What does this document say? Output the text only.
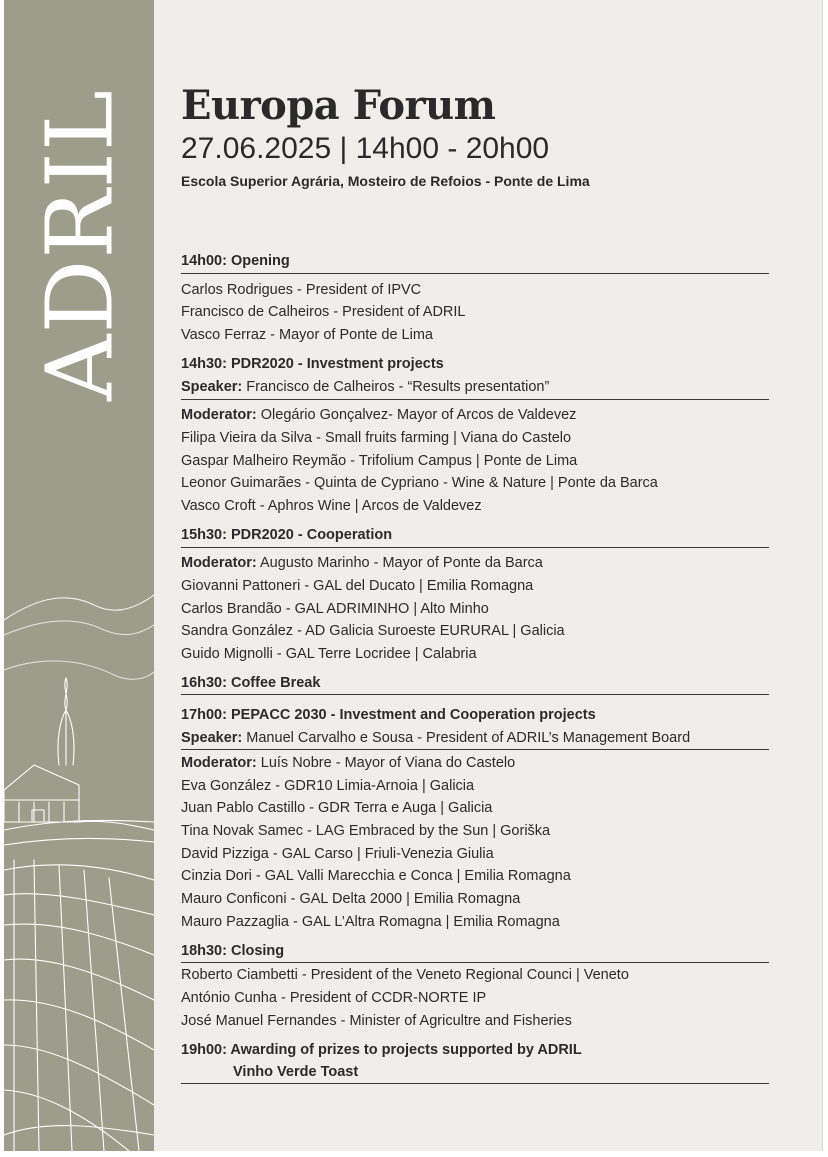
ADRIL Europa Forum
27.06.2025 | 14h00 - 20h00
Escola Superior Agrária, Mosteiro de Refoios - Ponte de Lima
14h00: Opening
Carlos Rodrigues - President of IPVC
Francisco de Calheiros - President of ADRIL
Vasco Ferraz - Mayor of Ponte de Lima
14h30: PDR2020 - Investment projects
Speaker: Francisco de Calheiros - “Results presentation”
Moderator: Olegário Gonçalvez- Mayor of Arcos de Valdevez
Filipa Vieira da Silva - Small fruits farming | Viana do Castelo
Gaspar Malheiro Reymão - Trifolium Campus | Ponte de Lima
Leonor Guimarães - Quinta de Cypriano - Wine & Nature | Ponte da Barca
Vasco Croft - Aphros Wine | Arcos de Valdevez
15h30: PDR2020 - Cooperation
Moderator: Augusto Marinho - Mayor of Ponte da Barca
Giovanni Pattoneri - GAL del Ducato | Emilia Romagna
Carlos Brandão - GAL ADRIMINHO | Alto Minho
Sandra González - AD Galicia Suroeste EURURAL | Galicia
Guido Mignolli - GAL Terre Locridee | Calabria
16h30: Coffee Break
17h00: PEPACC 2030 - Investment and Cooperation projects
Speaker: Manuel Carvalho e Sousa - President of ADRIL’s Management Board
Moderator: Luís Nobre - Mayor of Viana do Castelo
Eva González - GDR10 Limia-Arnoia | Galicia
Juan Pablo Castillo - GDR Terra e Auga | Galicia
Tina Novak Samec - LAG Embraced by the Sun | Goriška
David Pizziga - GAL Carso | Friuli-Venezia Giulia
Cinzia Dori - GAL Valli Marecchia e Conca | Emilia Romagna
Mauro Conficoni - GAL Delta 2000 | Emilia Romagna
Mauro Pazzaglia - GAL L’Altra Romagna | Emilia Romagna
18h30: Closing
Roberto Ciambetti - President of the Veneto Regional Counci | Veneto
António Cunha - President of CCDR-NORTE IP
José Manuel Fernandes - Minister of Agricultre and Fisheries
19h00: Awarding of prizes to projects supported by ADRIL
Vinho Verde Toast
